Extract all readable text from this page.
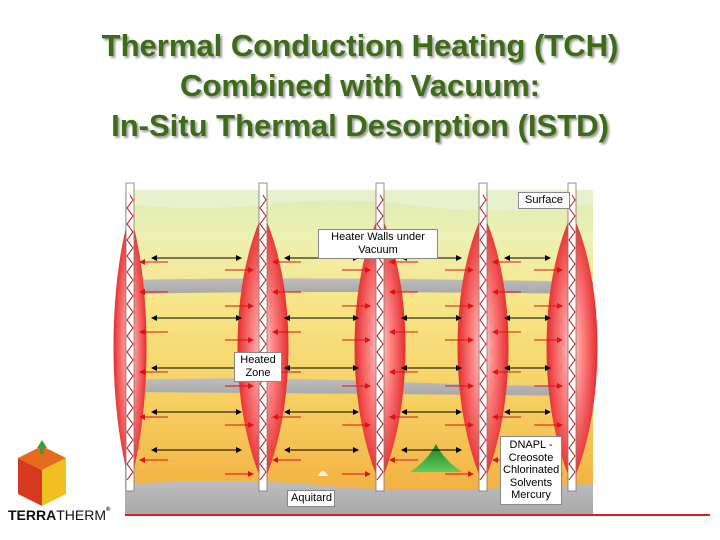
Thermal Conduction Heating (TCH)
Combined with Vacuum:
In-Situ Thermal Desorption (ISTD)
Surface
Heater Walls under Vacuum
Heated Zone
Aquitard
DNAPL - Creosote Chlorinated Solvents Mercury
TERRATHERM®
